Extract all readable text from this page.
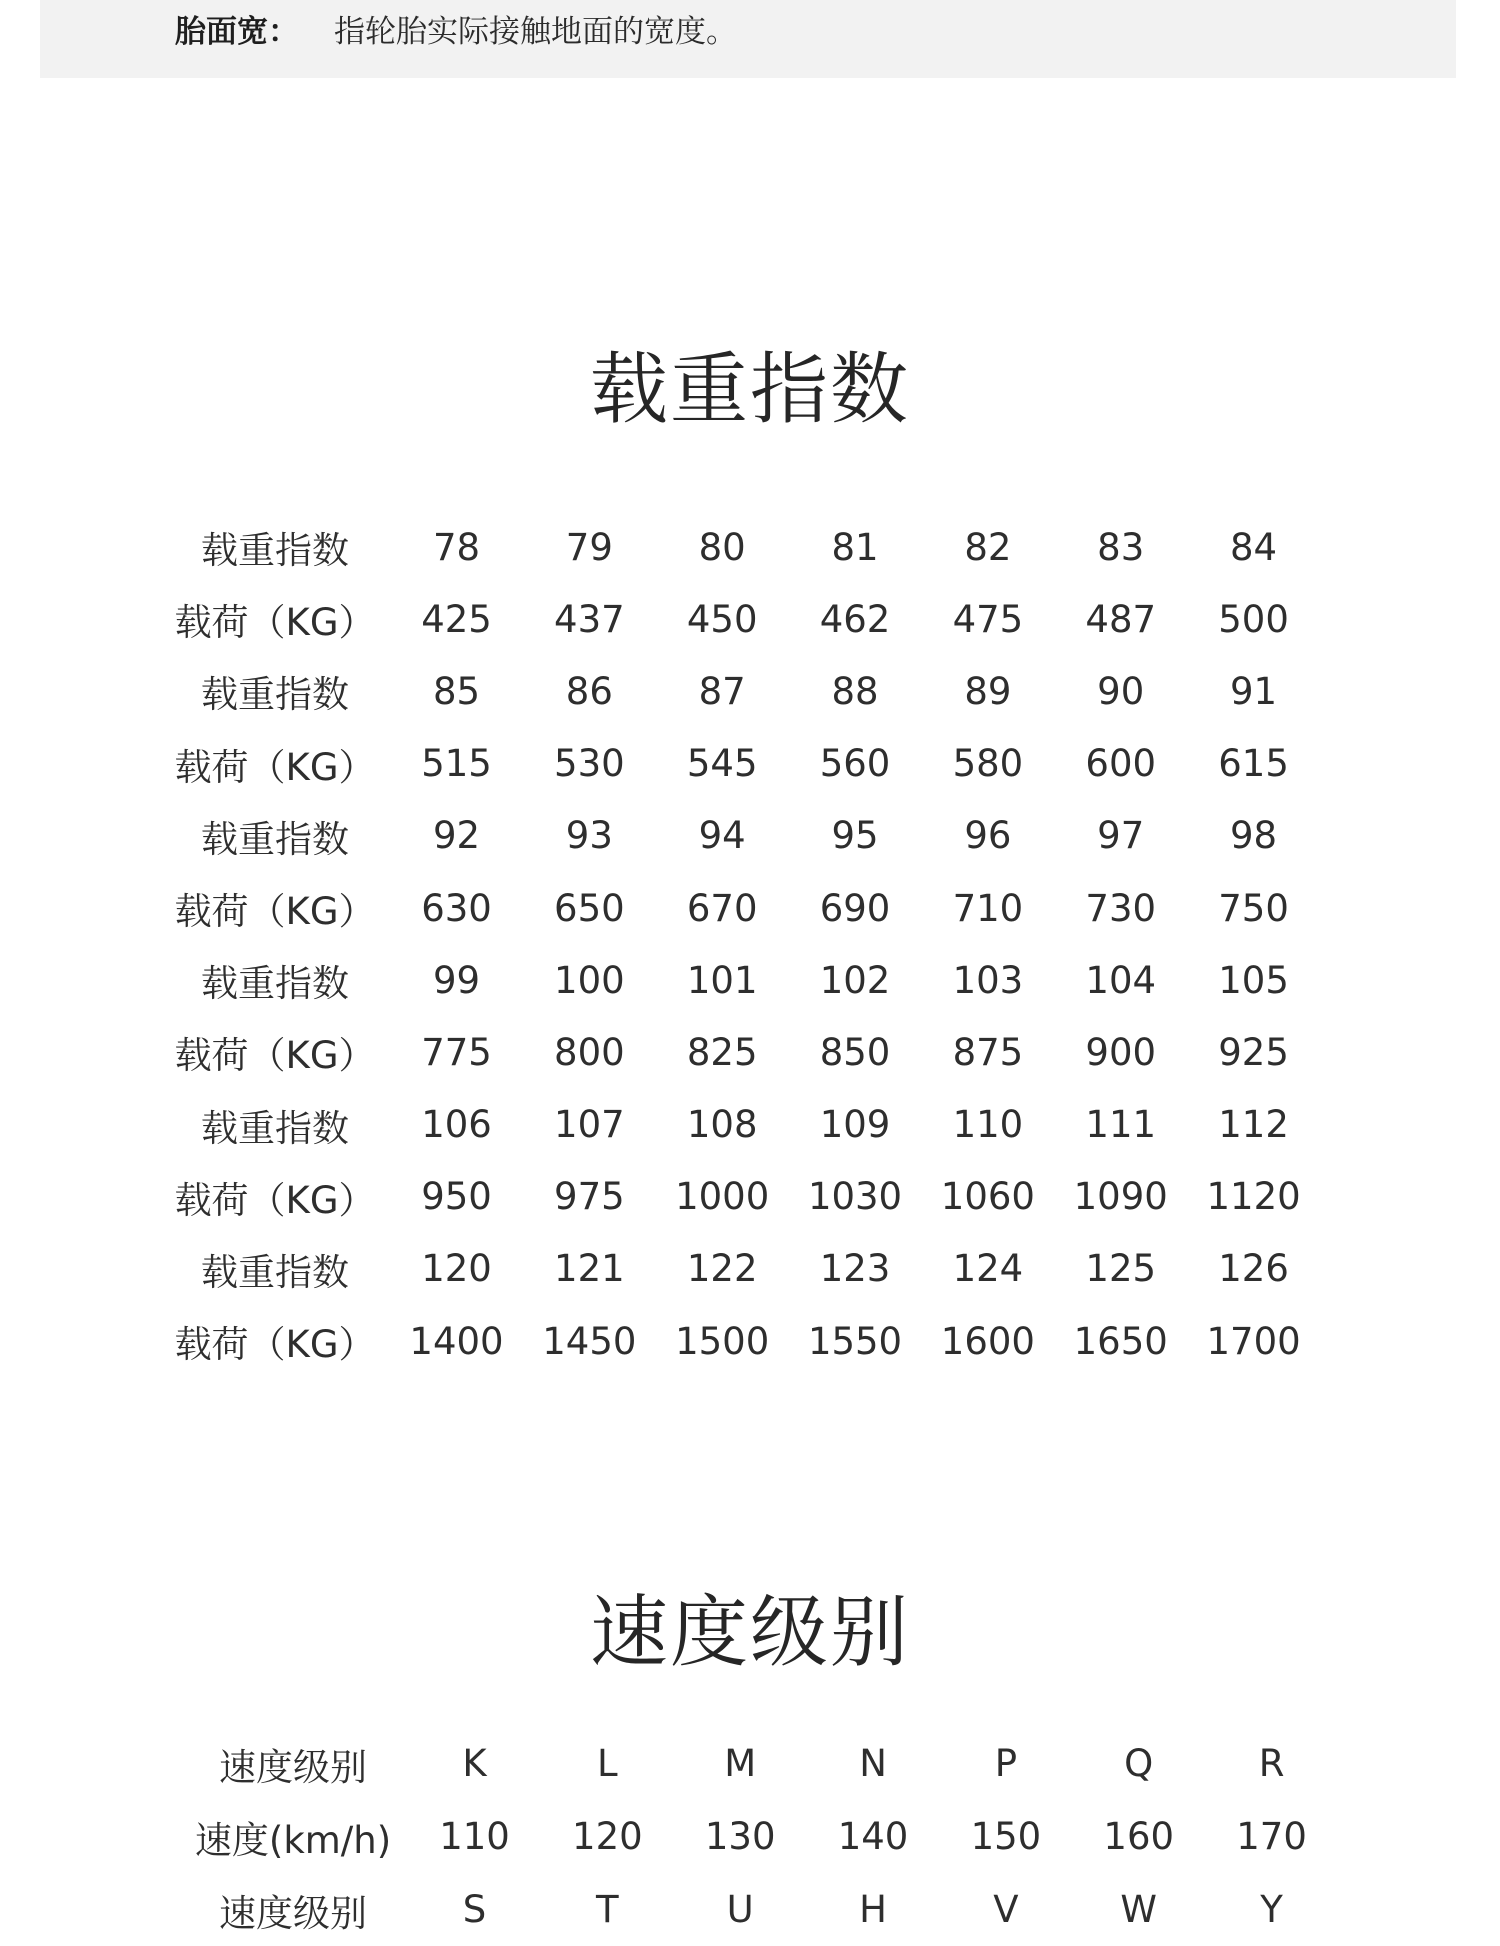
胎面宽： 指轮胎实际接触地面的宽度。
载重指数
载重指数	78	79	80	81	82	83	84
载荷（KG）	425	437	450	462	475	487	500
载重指数	85	86	87	88	89	90	91
载荷（KG）	515	530	545	560	580	600	615
载重指数	92	93	94	95	96	97	98
载荷（KG）	630	650	670	690	710	730	750
载重指数	99	100	101	102	103	104	105
载荷（KG）	775	800	825	850	875	900	925
载重指数	106	107	108	109	110	111	112
载荷（KG）	950	975	1000	1030	1060	1090	1120
载重指数	120	121	122	123	124	125	126
载荷（KG）	1400	1450	1500	1550	1600	1650	1700
速度级别
速度级别	K	L	M	N	P	Q	R
速度(km/h)	110	120	130	140	150	160	170
速度级别	S	T	U	H	V	W	Y
